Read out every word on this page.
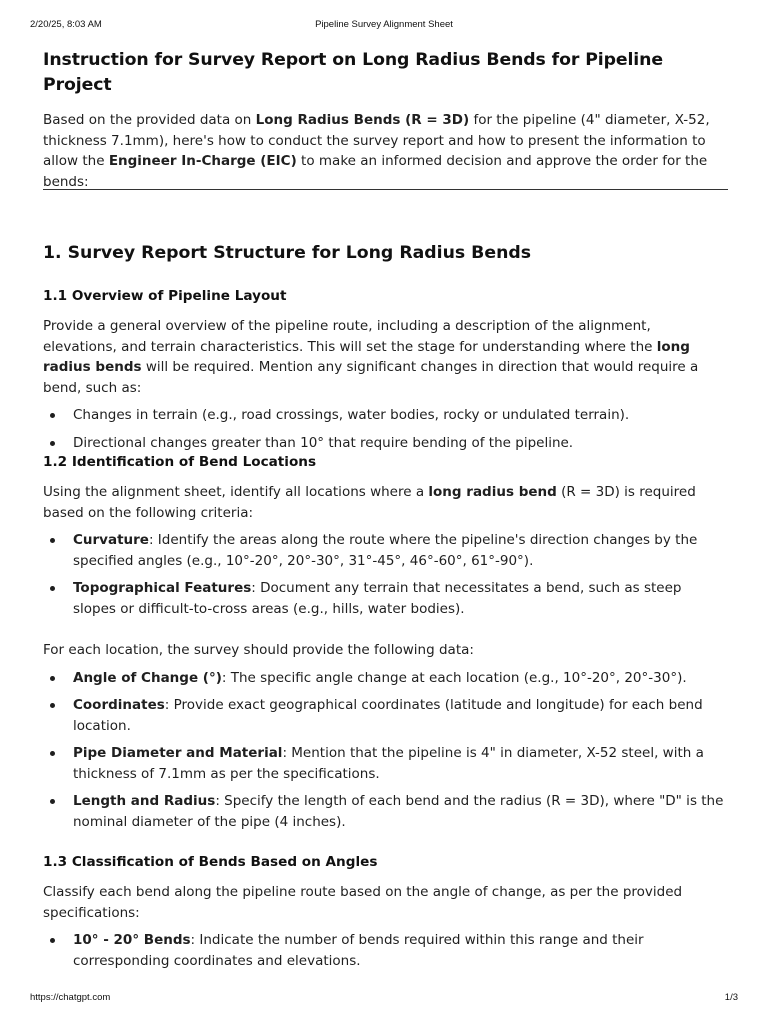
2/20/25, 8:03 AM	Pipeline Survey Alignment Sheet
Instruction for Survey Report on Long Radius Bends for Pipeline Project

Based on the provided data on Long Radius Bends (R = 3D) for the pipeline (4" diameter, X-52, thickness 7.1mm), here's how to conduct the survey report and how to present the information to allow the Engineer In-Charge (EIC) to make an informed decision and approve the order for the bends:

1. Survey Report Structure for Long Radius Bends
1.1 Overview of Pipeline Layout

Provide a general overview of the pipeline route, including a description of the alignment, elevations, and terrain characteristics. This will set the stage for understanding where the long radius bends will be required. Mention any significant changes in direction that would require a bend, such as:

Changes in terrain (e.g., road crossings, water bodies, rocky or undulated terrain).
Directional changes greater than 10° that require bending of the pipeline.
1.2 Identification of Bend Locations

Using the alignment sheet, identify all locations where a long radius bend (R = 3D) is required based on the following criteria:

Curvature: Identify the areas along the route where the pipeline's direction changes by the specified angles (e.g., 10°-20°, 20°-30°, 31°-45°, 46°-60°, 61°-90°).
Topographical Features: Document any terrain that necessitates a bend, such as steep slopes or difficult-to-cross areas (e.g., hills, water bodies).

For each location, the survey should provide the following data:

Angle of Change (°): The specific angle change at each location (e.g., 10°-20°, 20°-30°).
Coordinates: Provide exact geographical coordinates (latitude and longitude) for each bend location.
Pipe Diameter and Material: Mention that the pipeline is 4" in diameter, X-52 steel, with a thickness of 7.1mm as per the specifications.
Length and Radius: Specify the length of each bend and the radius (R = 3D), where "D" is the nominal diameter of the pipe (4 inches).
1.3 Classification of Bends Based on Angles

Classify each bend along the pipeline route based on the angle of change, as per the provided specifications:

10° - 20° Bends: Indicate the number of bends required within this range and their corresponding coordinates and elevations.
https://chatgpt.com	1/3
